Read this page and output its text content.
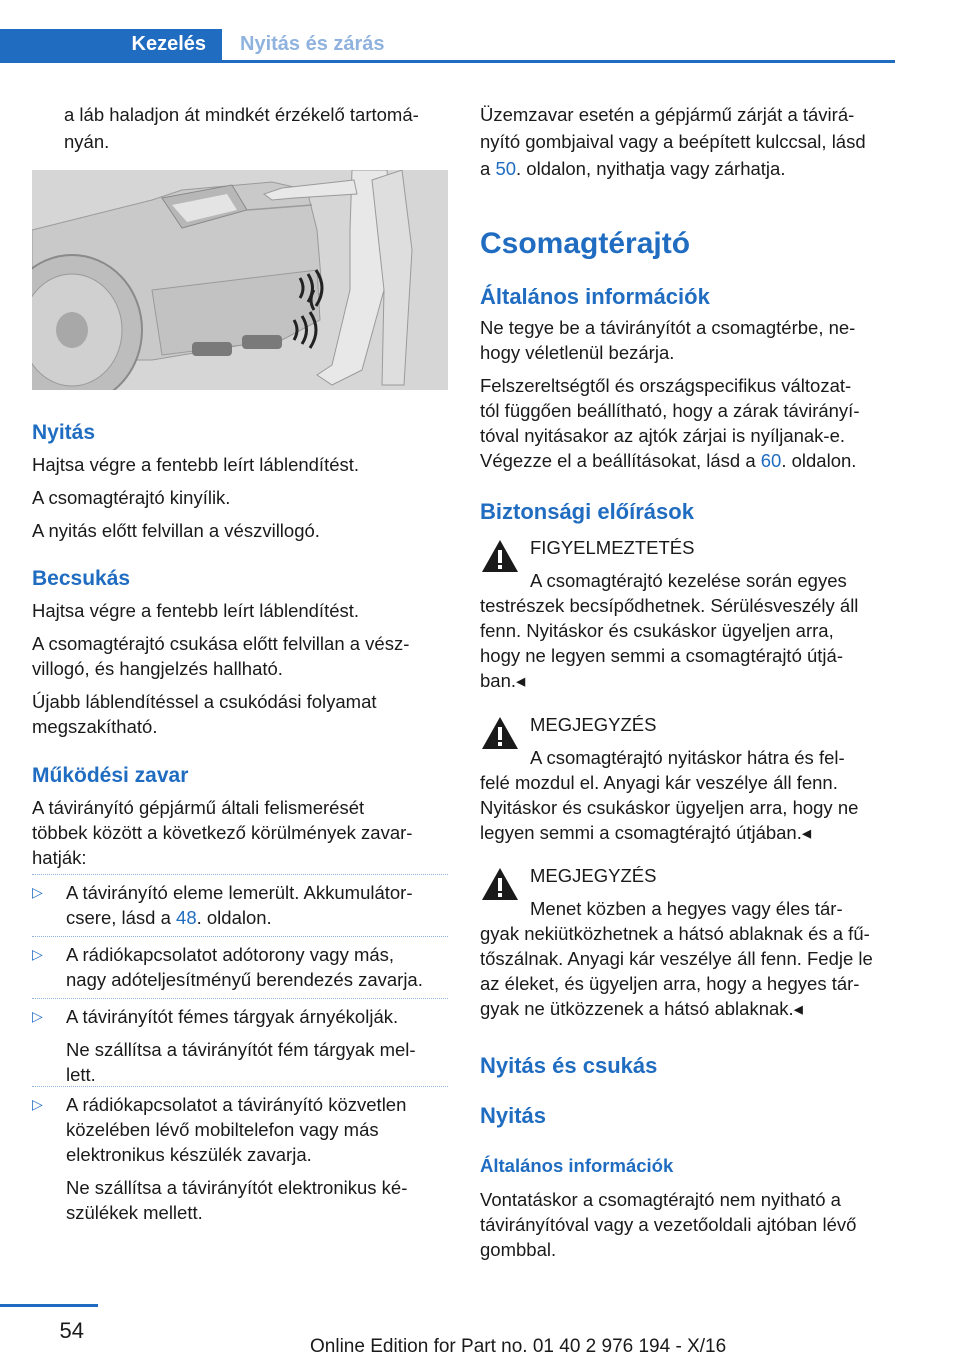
Kezelés	Nyitás és zárás

a láb haladjon át mindkét érzékelő tartomá-

nyán.

Nyitás

Hajtsa végre a fentebb leírt láblendítést.

A csomagtérajtó kinyílik.

A nyitás előtt felvillan a vészvillogó.

Becsukás

Hajtsa végre a fentebb leírt láblendítést.

A csomagtérajtó csukása előtt felvillan a vész-

villogó, és hangjelzés hallható.

Újabb láblendítéssel a csukódási folyamat

megszakítható.

Működési zavar

A távirányító gépjármű általi felismerését

többek között a következő körülmények zavar-

hatják:

▷ A távirányító eleme lemerült. Akkumulátor-

csere, lásd a 48. oldalon.

▷ A rádiókapcsolatot adótorony vagy más,

nagy adóteljesítményű berendezés zavarja.

▷ A távirányítót fémes tárgyak árnyékolják.

Ne szállítsa a távirányítót fém tárgyak mel-

lett.

▷ A rádiókapcsolatot a távirányító közvetlen

közelében lévő mobiltelefon vagy más

elektronikus készülék zavarja.

Ne szállítsa a távirányítót elektronikus ké-

szülékek mellett.

Üzemzavar esetén a gépjármű zárját a távirá-

nyító gombjaival vagy a beépített kulccsal, lásd

a 50. oldalon, nyithatja vagy zárhatja.

Csomagtérajtó
Általános információk

Ne tegye be a távirányítót a csomagtérbe, ne-

hogy véletlenül bezárja.

Felszereltségtől és országspecifikus változat-

tól függően beállítható, hogy a zárak távirányí-

tóval nyitásakor az ajtók zárjai is nyíljanak-e.

Végezze el a beállításokat, lásd a 60. oldalon.

Biztonsági előírások

FIGYELMEZTETÉS

A csomagtérajtó kezelése során egyes

testrészek becsípődhetnek. Sérülésveszély áll

fenn. Nyitáskor és csukáskor ügyeljen arra,

hogy ne legyen semmi a csomagtérajtó útjá-

ban.◂

MEGJEGYZÉS

A csomagtérajtó nyitáskor hátra és fel-

felé mozdul el. Anyagi kár veszélye áll fenn.

Nyitáskor és csukáskor ügyeljen arra, hogy ne

legyen semmi a csomagtérajtó útjában.◂

MEGJEGYZÉS

Menet közben a hegyes vagy éles tár-

gyak nekiütközhetnek a hátsó ablaknak és a fű-

tőszálnak. Anyagi kár veszélye áll fenn. Fedje le

az éleket, és ügyeljen arra, hogy a hegyes tár-

gyak ne ütközzenek a hátsó ablaknak.◂

Nyitás és csukás
Nyitás
Általános információk

Vontatáskor a csomagtérajtó nem nyitható a

távirányítóval vagy a vezetőoldali ajtóban lévő

gombbal.

54
Online Edition for Part no. 01 40 2 976 194 - X/16
